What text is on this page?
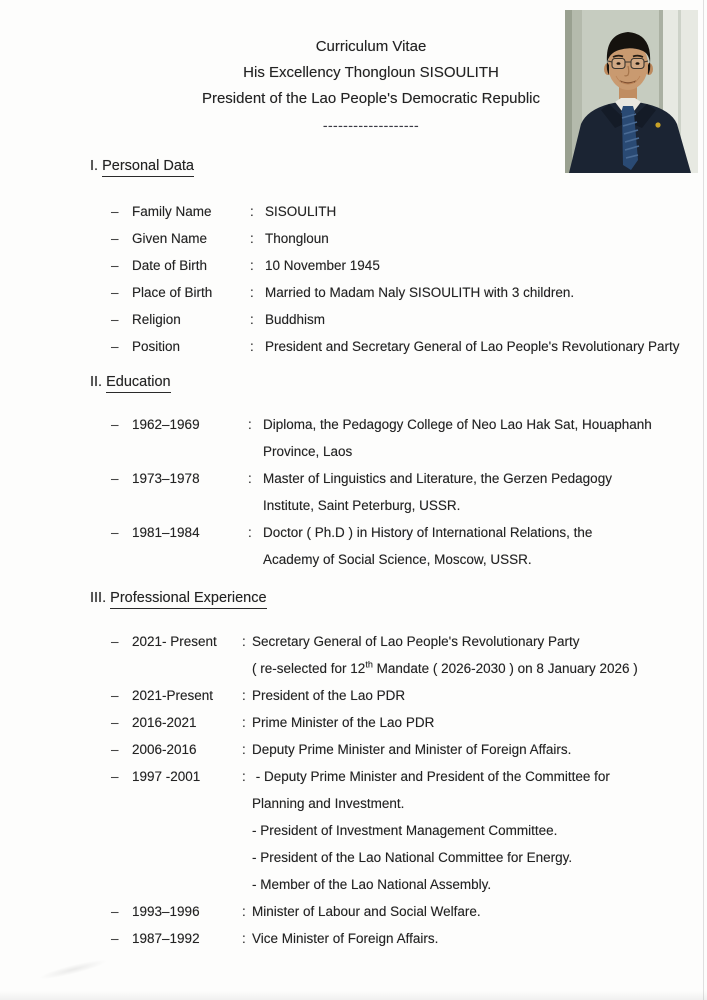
Curriculum Vitae
His Excellency Thongloun SISOULITH
President of the Lao People's Democratic Republic
-------------------
I. Personal Data
– Family Name	: SISOULITH
– Given Name	: Thongloun
– Date of Birth	: 10 November 1945
– Place of Birth	: Married to Madam Naly SISOULITH with 3 children.
– Religion	: Buddhism
– Position	: President and Secretary General of Lao People's Revolutionary Party
II. Education
– 1962–1969	: Diploma, the Pedagogy College of Neo Lao Hak Sat, Houaphanh
Province, Laos
– 1973–1978	: Master of Linguistics and Literature, the Gerzen Pedagogy
Institute, Saint Peterburg, USSR.
– 1981–1984	: Doctor ( Ph.D ) in History of International Relations, the
Academy of Social Science, Moscow, USSR.
III. Professional Experience
– 2021- Present	: Secretary General of Lao People's Revolutionary Party
( re-selected for 12th Mandate ( 2026-2030 ) on 8 January 2026 )
– 2021-Present	: President of the Lao PDR
– 2016-2021	: Prime Minister of the Lao PDR
– 2006-2016	: Deputy Prime Minister and Minister of Foreign Affairs.
– 1997 -2001	: - Deputy Prime Minister and President of the Committee for
Planning and Investment.
- President of Investment Management Committee.
- President of the Lao National Committee for Energy.
- Member of the Lao National Assembly.
– 1993–1996	: Minister of Labour and Social Welfare.
– 1987–1992	: Vice Minister of Foreign Affairs.
